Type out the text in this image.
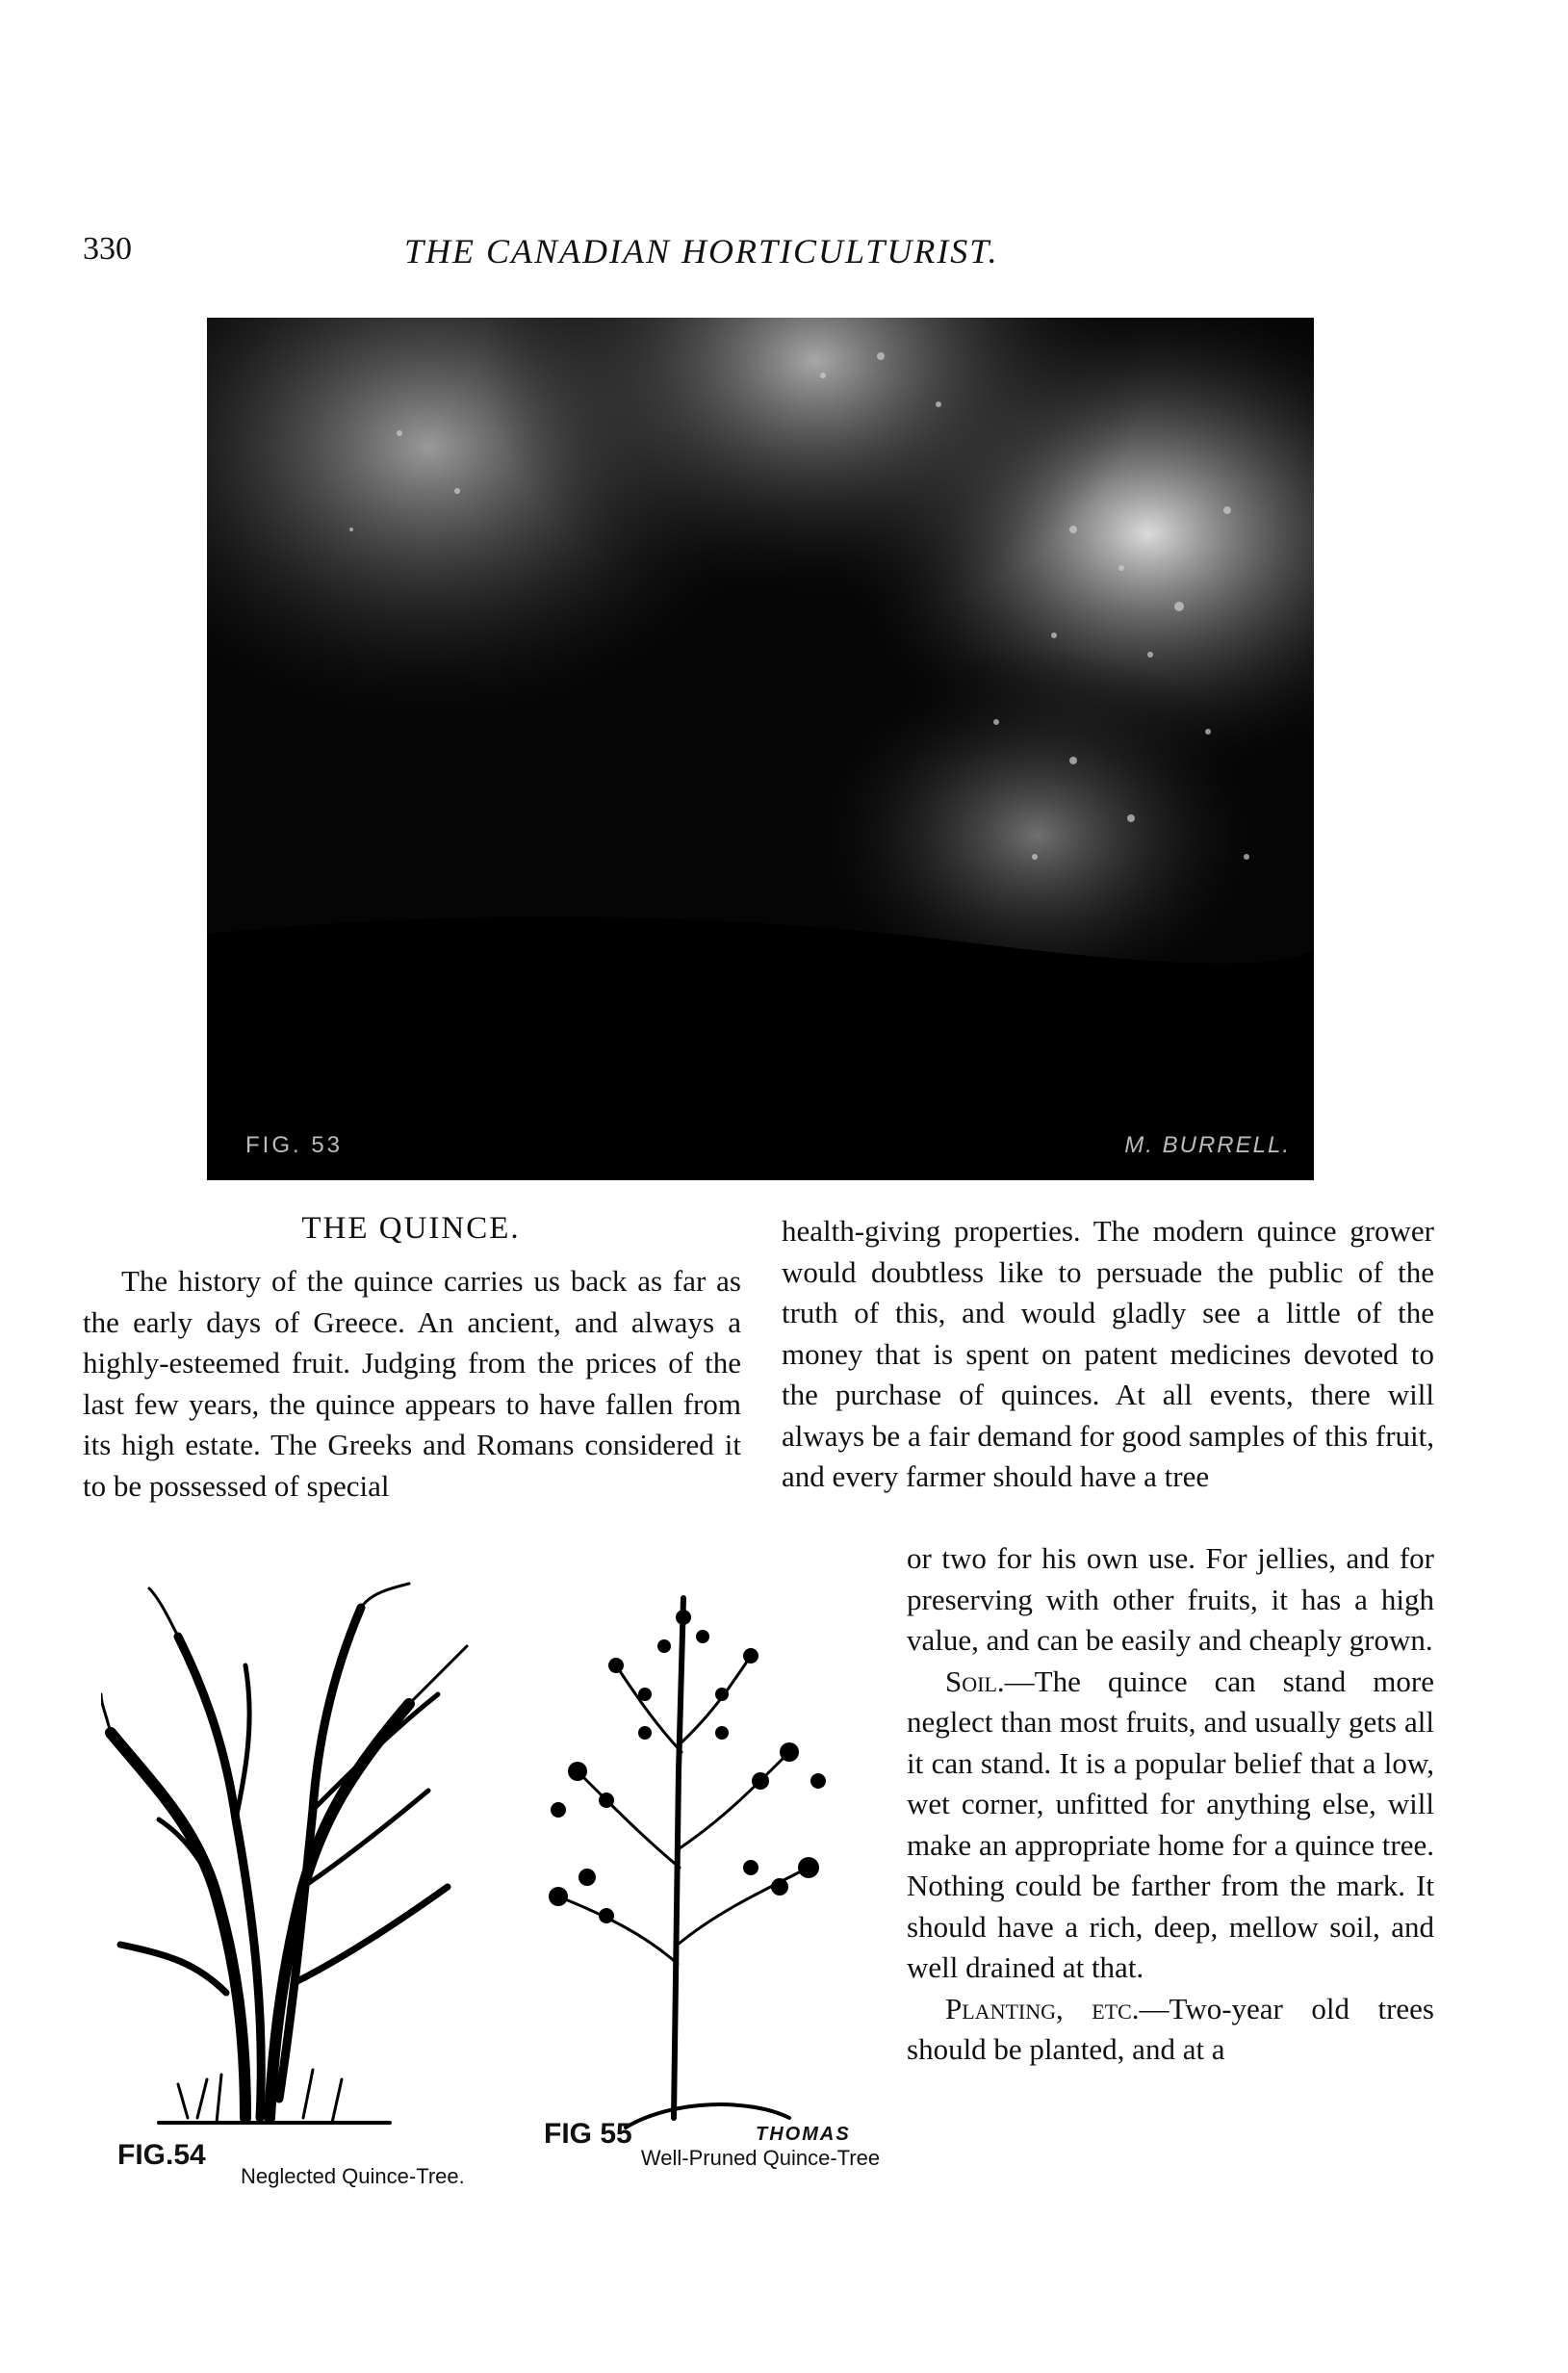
330	THE CANADIAN HORTICULTURIST.
FIG. 53	M. BURRELL.
THE QUINCE.

The history of the quince carries us back as far as the early days of Greece. An ancient, and always a highly-esteemed fruit. Judging from the prices of the last few years, the quince appears to have fallen from its high estate. The Greeks and Romans considered it to be possessed of special

health-giving properties. The modern quince grower would doubtless like to persuade the public of the truth of this, and would gladly see a little of the money that is spent on patent medicines devoted to the purchase of quinces. At all events, there will always be a fair demand for good samples of this fruit, and every farmer should have a tree

or two for his own use. For jellies, and for preserving with other fruits, it has a high value, and can be easily and cheaply grown.

Soil.—The quince can stand more neglect than most fruits, and usually gets all it can stand. It is a popular belief that a low, wet corner, unfitted for anything else, will make an appropriate home for a quince tree. Nothing could be farther from the mark. It should have a rich, deep, mellow soil, and well drained at that.

Planting, etc.—Two-year old trees should be planted, and at a

FIG.54
Neglected Quince-Tree.
FIG 55	THOMAS
Well-Pruned Quince-Tree
